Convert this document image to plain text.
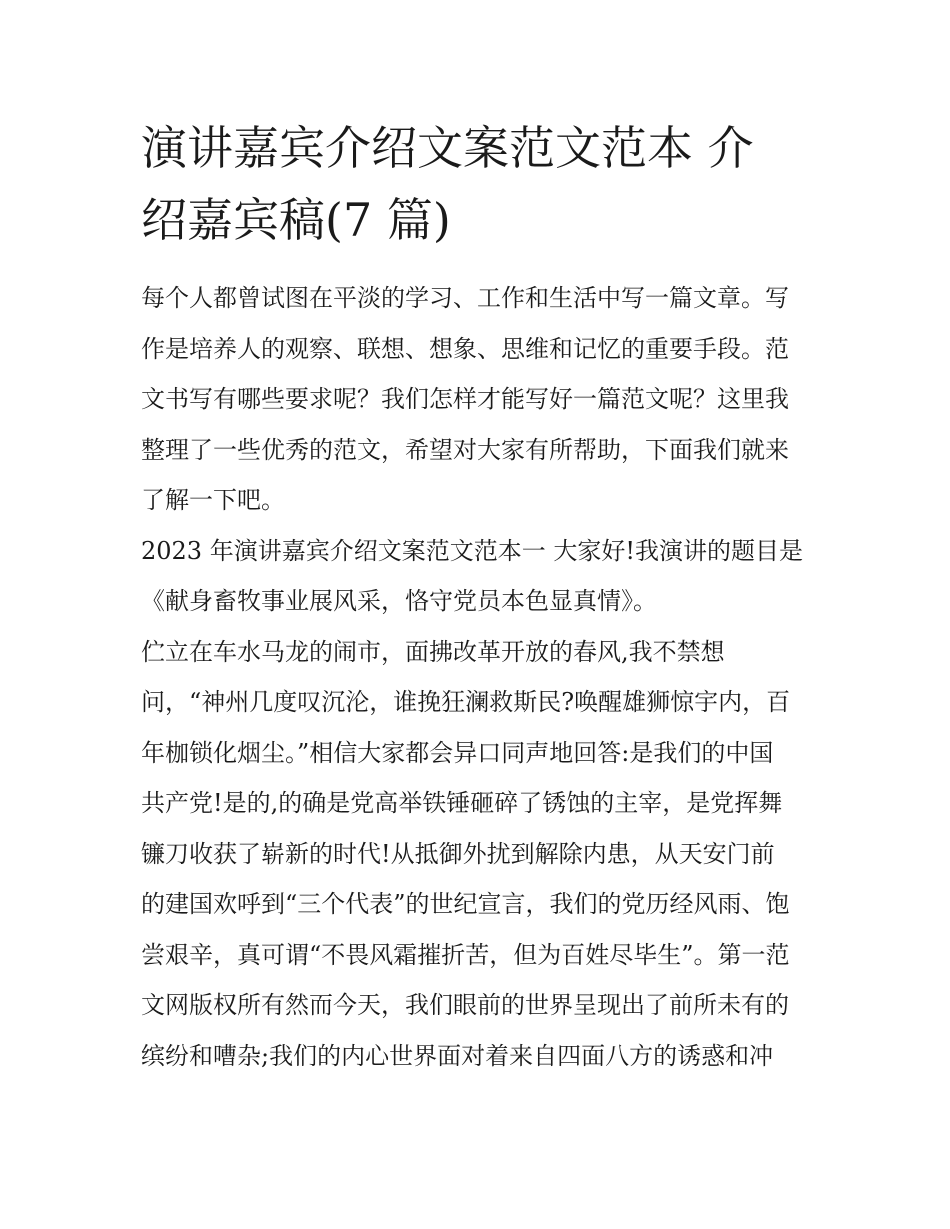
演讲嘉宾介绍文案范文范本 介
绍嘉宾稿(7 篇)

每个人都曾试图在平淡的学习、工作和生活中写一篇文章。写
作是培养人的观察、联想、想象、思维和记忆的重要手段。范
文书写有哪些要求呢？我们怎样才能写好一篇范文呢？这里我
整理了一些优秀的范文，希望对大家有所帮助，下面我们就来
了解一下吧。

2023 年演讲嘉宾介绍文案范文范本一 大家好!我演讲的题目是
《献身畜牧事业展风采，恪守党员本色显真情》。

伫立在车水马龙的闹市，面拂改革开放的春风,我不禁想
问，“神州几度叹沉沦，谁挽狂澜救斯民?唤醒雄狮惊宇内，百
年枷锁化烟尘。”相信大家都会异口同声地回答:是我们的中国
共产党!是的,的确是党高举铁锤砸碎了锈蚀的主宰，是党挥舞
镰刀收获了崭新的时代!从抵御外扰到解除内患，从天安门前
的建国欢呼到“三个代表”的世纪宣言，我们的党历经风雨、饱
尝艰辛，真可谓“不畏风霜摧折苦，但为百姓尽毕生”。第一范
文网版权所有然而今天，我们眼前的世界呈现出了前所未有的
缤纷和嘈杂;我们的内心世界面对着来自四面八方的诱惑和冲
